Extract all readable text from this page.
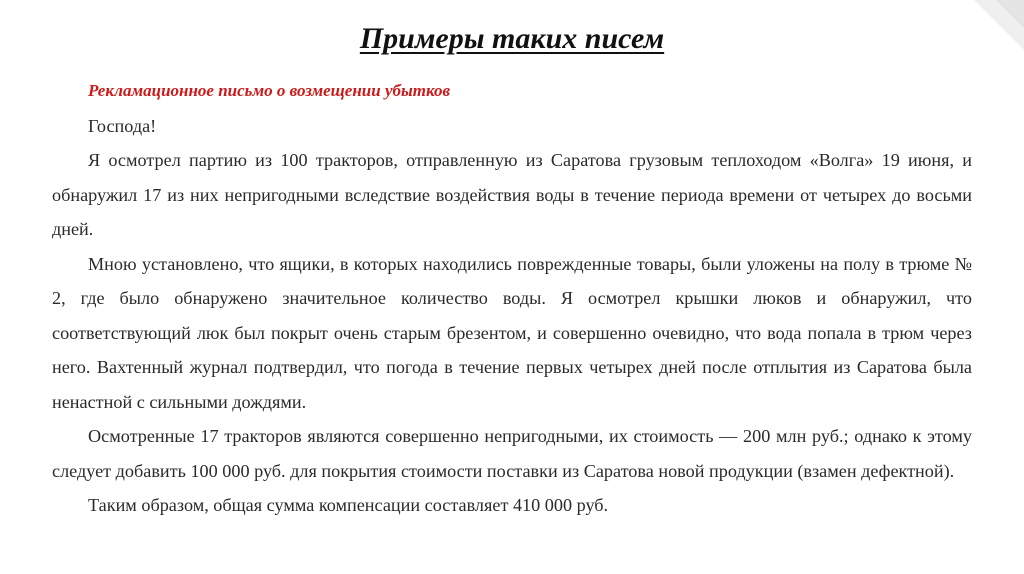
Примеры таких писем

Рекламационное письмо о возмещении убытков

Господа!

Я осмотрел партию из 100 тракторов, отправленную из Саратова грузовым теплоходом «Волга» 19 июня, и обнаружил 17 из них непригодными вследствие воздействия воды в течение периода времени от четырех до восьми дней.

Мною установлено, что ящики, в которых находились поврежденные товары, были уложены на полу в трюме № 2, где было обнаружено значительное количество воды. Я осмотрел крышки люков и обнаружил, что соответствующий люк был покрыт очень старым брезентом, и совершенно очевидно, что вода попала в трюм через него. Вахтенный журнал подтвердил, что погода в течение первых четырех дней после отплытия из Саратова была ненастной с сильными дождями.

Осмотренные 17 тракторов являются совершенно непригодными, их стоимость — 200 млн руб.; однако к этому следует добавить 100 000 руб. для покрытия стоимости поставки из Саратова новой продукции (взамен дефектной).

Таким образом, общая сумма компенсации составляет 410 000 руб.
